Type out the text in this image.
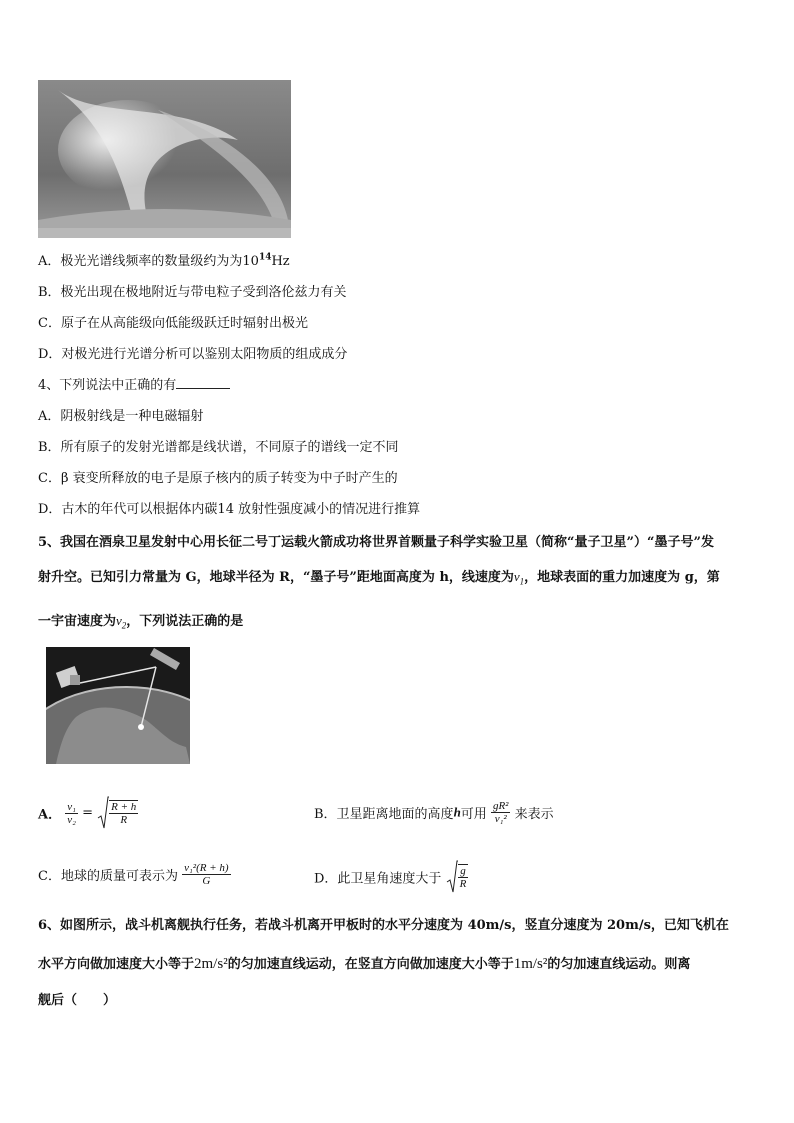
A．极光光谱线频率的数量级约为为$10^{14}Hz$
B．极光出现在极地附近与带电粒子受到洛伦兹力有关
C．原子在从高能级向低能级跃迁时辐射出极光
D．对极光进行光谱分析可以鉴别太阳物质的组成成分
4、下列说法中正确的有
A．阴极射线是一种电磁辐射
B．所有原子的发射光谱都是线状谱，不同原子的谱线一定不同
C．β 衰变所释放的电子是原子核内的质子转变为中子时产生的
D．古木的年代可以根据体内碳14 放射性强度减小的情况进行推算
5、我国在酒泉卫星发射中心用长征二号丁运载火箭成功将世界首颗量子科学实验卫星（简称“量子卫星”）“墨子号”发
射升空。已知引力常量为 G，地球半径为 R，“墨子号”距地面高度为 h，线速度为$v_1$，地球表面的重力加速度为 g，第
一宇宙速度为$v_2$，下列说法正确的是
A． $\frac{\text{v₁}}{\text{v₂}} = \frac{R + h}{R}$	B．卫星距离地面的高度h可用 $\frac{\text{gR²}}{\text{v₁²}}$ 来表示
C．地球的质量可表示为 $\frac{\text{v₁²(R + h)}}{G}$	D．此卫星角速度大于 $\frac{g}{R}$
6、如图所示，战斗机离舰执行任务，若战斗机离开甲板时的水平分速度为 40m/s，竖直分速度为 20m/s，已知飞机在
水平方向做加速度大小等于2m/s²的匀加速直线运动，在竖直方向做加速度大小等于1m/s²的匀加速直线运动。则离
舰后（　　）
